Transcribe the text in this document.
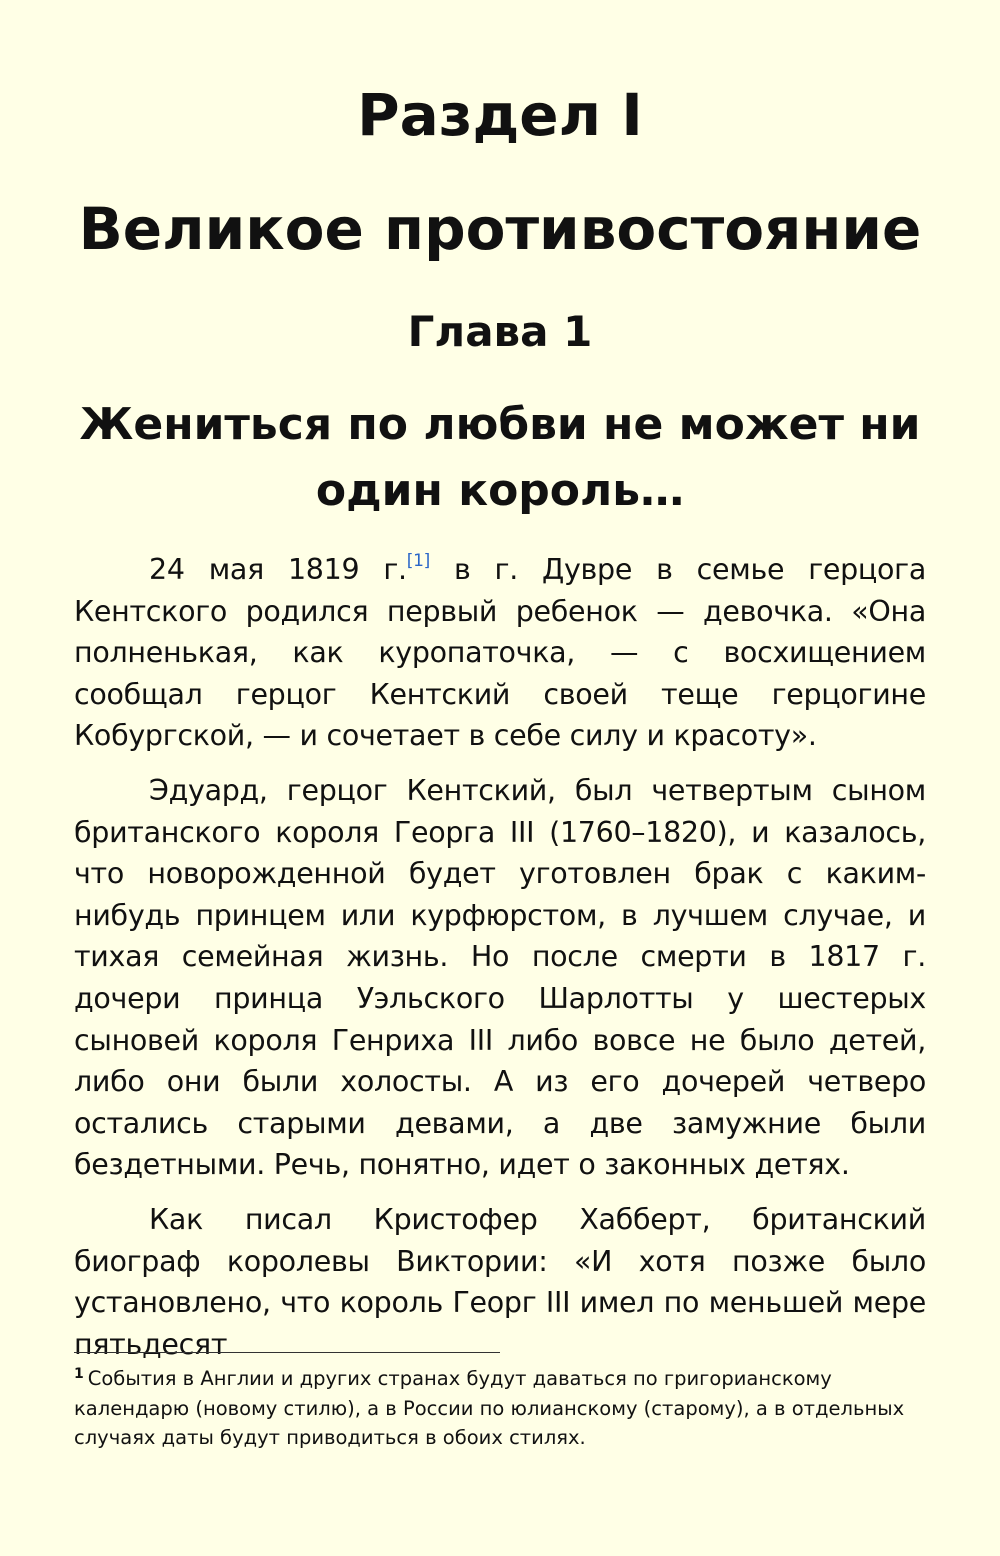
Раздел I
Великое противостояние
Глава 1
Жениться по любви не может ни один король…

24 мая 1819 г.[1] в г. Дувре в семье герцога Кентского родился первый ребенок — девочка. «Она полненькая, как куропаточка, — с восхищением сообщал герцог Кентский своей теще герцогине Кобургской, — и сочетает в себе силу и красоту».

Эдуард, герцог Кентский, был четвертым сыном британского короля Георга III (1760–1820), и казалось, что новорожденной будет уготовлен брак с каким-нибудь принцем или курфюрстом, в лучшем случае, и тихая семейная жизнь. Но после смерти в 1817 г. дочери принца Уэльского Шарлотты у шестерых сыновей короля Генриха III либо вовсе не было детей, либо они были холосты. А из его дочерей четверо остались старыми девами, а две замужние были бездетными. Речь, понятно, идет о законных детях.

Как писал Кристофер Хабберт, британский биограф королевы Виктории: «И хотя позже было установлено, что король Георг III имел по меньшей мере пятьдесят

$^1$ События в Англии и других странах будут даваться по григорианскому календарю (новому стилю), а в России по юлианскому (старому), а в отдельных случаях даты будут приводиться в обоих стилях.
